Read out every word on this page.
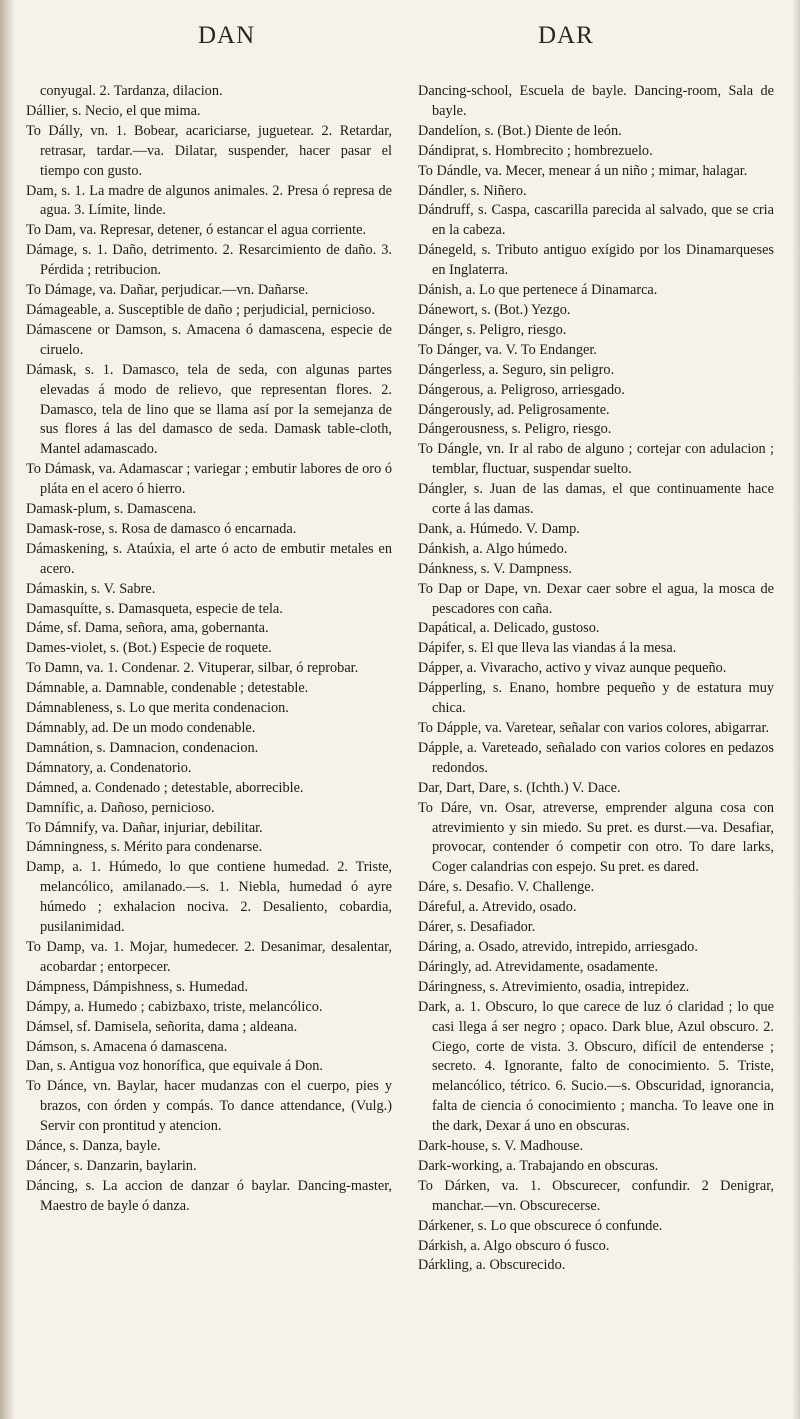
DAN	DAR
conyugal. 2. Tardanza, dilacion.
Dállier, s. Necio, el que mima.
To Dálly, vn. 1. Bobear, acariciarse, juguetear. 2. Retardar, retrasar, tardar.—va. Dilatar, suspender, hacer pasar el tiempo con gusto.
Dam, s. 1. La madre de algunos animales. 2. Presa ó represa de agua. 3. Límite, linde.
To Dam, va. Represar, detener, ó estancar el agua corriente.
Dámage, s. 1. Daño, detrimento. 2. Resarcimiento de daño. 3. Pérdida ; retribucion.
To Dámage, va. Dañar, perjudicar.—vn. Dañarse.
Dámageable, a. Susceptible de daño ; perjudicial, pernicioso.
Dámascene or Damson, s. Amacena ó damascena, especie de ciruelo.
Dámask, s. 1. Damasco, tela de seda, con algunas partes elevadas á modo de relievo, que representan flores. 2. Damasco, tela de lino que se llama así por la semejanza de sus flores á las del damasco de seda. Damask table-cloth, Mantel adamascado.
To Dámask, va. Adamascar ; variegar ; embutir labores de oro ó pláta en el acero ó hierro.
Damask-plum, s. Damascena.
Damask-rose, s. Rosa de damasco ó encarnada.
Dámaskening, s. Ataúxia, el arte ó acto de embutir metales en acero.
Dámaskin, s. V. Sabre.
Damasquítte, s. Damasqueta, especie de tela.
Dáme, sf. Dama, señora, ama, gobernanta.
Dames-violet, s. (Bot.) Especie de roquete.
To Damn, va. 1. Condenar. 2. Vituperar, silbar, ó reprobar.
Dámnable, a. Damnable, condenable ; detestable.
Dámnableness, s. Lo que merita condenacion.
Dámnably, ad. De un modo condenable.
Damnátion, s. Damnacion, condenacion.
Dámnatory, a. Condenatorio.
Dámned, a. Condenado ; detestable, aborrecible.
Damnífic, a. Dañoso, pernicioso.
To Dámnify, va. Dañar, injuriar, debilitar.
Dámningness, s. Mérito para condenarse.
Damp, a. 1. Húmedo, lo que contiene humedad. 2. Triste, melancólico, amilanado.—s. 1. Niebla, humedad ó ayre húmedo ; exhalacion nociva. 2. Desaliento, cobardia, pusilanimidad.
To Damp, va. 1. Mojar, humedecer. 2. Desanimar, desalentar, acobardar ; entorpecer.
Dámpness, Dámpishness, s. Humedad.
Dámpy, a. Humedo ; cabizbaxo, triste, melancólico.
Dámsel, sf. Damisela, señorita, dama ; aldeana.
Dámson, s. Amacena ó damascena.
Dan, s. Antigua voz honorífica, que equivale á Don.
To Dánce, vn. Baylar, hacer mudanzas con el cuerpo, pies y brazos, con órden y compás. To dance attendance, (Vulg.) Servir con prontitud y atencion.
Dánce, s. Danza, bayle.
Dáncer, s. Danzarin, baylarin.
Dáncing, s. La accion de danzar ó baylar. Dancing-master, Maestro de bayle ó danza.
Dancing-school, Escuela de bayle. Dancing-room, Sala de bayle.
Dandelíon, s. (Bot.) Diente de león.
Dándiprat, s. Hombrecito ; hombrezuelo.
To Dándle, va. Mecer, menear á un niño ; mimar, halagar.
Dándler, s. Niñero.
Dándruff, s. Caspa, cascarilla parecida al salvado, que se cria en la cabeza.
Dánegeld, s. Tributo antiguo exígido por los Dinamarqueses en Inglaterra.
Dánish, a. Lo que pertenece á Dinamarca.
Dánewort, s. (Bot.) Yezgo.
Dánger, s. Peligro, riesgo.
To Dánger, va. V. To Endanger.
Dángerless, a. Seguro, sin peligro.
Dángerous, a. Peligroso, arriesgado.
Dángerously, ad. Peligrosamente.
Dángerousness, s. Peligro, riesgo.
To Dángle, vn. Ir al rabo de alguno ; cortejar con adulacion ; temblar, fluctuar, suspendar suelto.
Dángler, s. Juan de las damas, el que continuamente hace corte á las damas.
Dank, a. Húmedo. V. Damp.
Dánkish, a. Algo húmedo.
Dánkness, s. V. Dampness.
To Dap or Dape, vn. Dexar caer sobre el agua, la mosca de pescadores con caña.
Dapátical, a. Delicado, gustoso.
Dápifer, s. El que lleva las viandas á la mesa.
Dápper, a. Vivaracho, activo y vivaz aunque pequeño.
Dápperling, s. Enano, hombre pequeño y de estatura muy chica.
To Dápple, va. Varetear, señalar con varios colores, abigarrar.
Dápple, a. Vareteado, señalado con varios colores en pedazos redondos.
Dar, Dart, Dare, s. (Ichth.) V. Dace.
To Dáre, vn. Osar, atreverse, emprender alguna cosa con atrevimiento y sin miedo. Su pret. es durst.—va. Desafiar, provocar, contender ó competir con otro. To dare larks, Coger calandrias con espejo. Su pret. es dared.
Dáre, s. Desafio. V. Challenge.
Dáreful, a. Atrevido, osado.
Dárer, s. Desafiador.
Dáring, a. Osado, atrevido, intrepido, arriesgado.
Dáringly, ad. Atrevidamente, osadamente.
Dáringness, s. Atrevimiento, osadia, intrepidez.
Dark, a. 1. Obscuro, lo que carece de luz ó claridad ; lo que casi llega á ser negro ; opaco. Dark blue, Azul obscuro. 2. Ciego, corte de vista. 3. Obscuro, difícil de entenderse ; secreto. 4. Ignorante, falto de conocimiento. 5. Triste, melancólico, tétrico. 6. Sucio.—s. Obscuridad, ignorancia, falta de ciencia ó conocimiento ; mancha. To leave one in the dark, Dexar á uno en obscuras.
Dark-house, s. V. Madhouse.
Dark-working, a. Trabajando en obscuras.
To Dárken, va. 1. Obscurecer, confundir. 2 Denigrar, manchar.—vn. Obscurecerse.
Dárkener, s. Lo que obscurece ó confunde.
Dárkish, a. Algo obscuro ó fusco.
Dárkling, a. Obscurecido.
